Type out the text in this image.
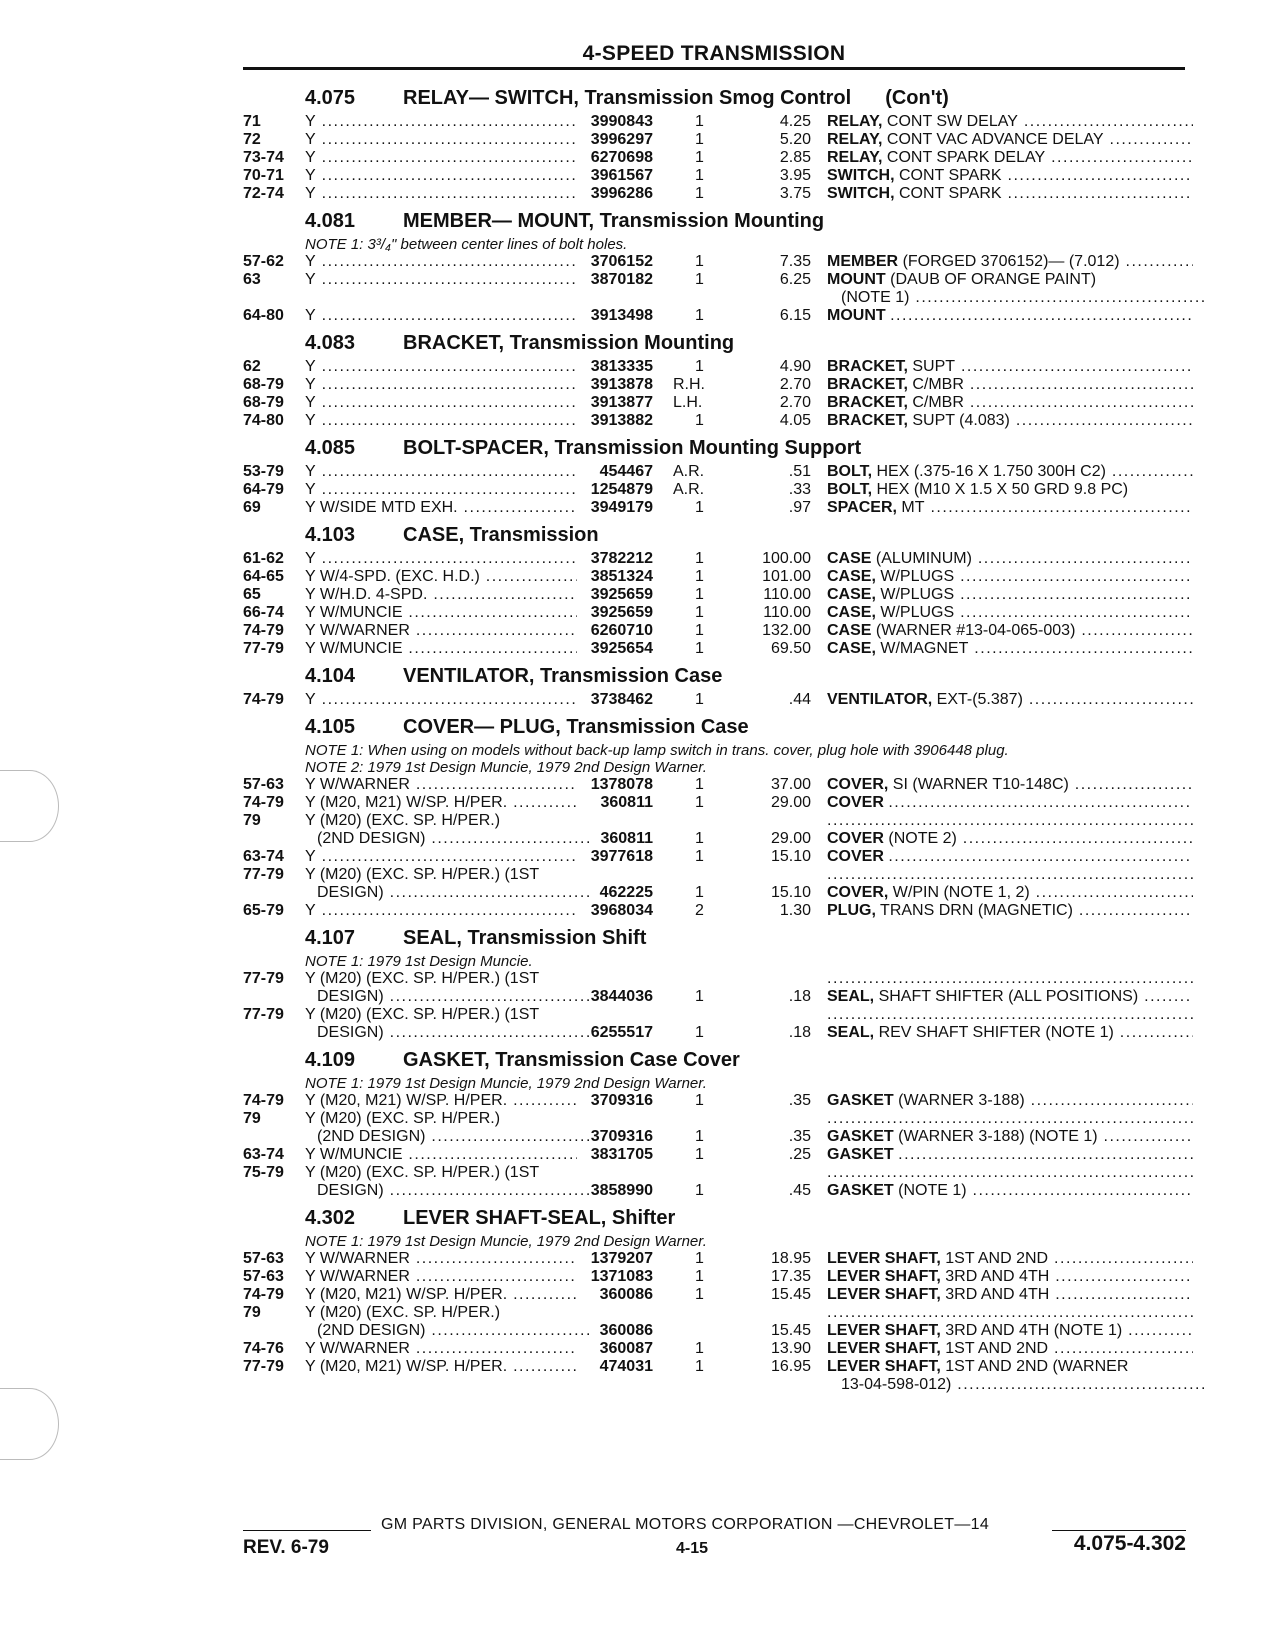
4-SPEED TRANSMISSION
4.075	RELAY— SWITCH, Transmission Smog Control (Con't)
71	Y .....	3990843	1	4.25 RELAY, CONT SW DELAY .....
72	Y .....	3996297	1	5.20 RELAY, CONT VAC ADVANCE DELAY .....
73-74	Y .....	6270698	1	2.85 RELAY, CONT SPARK DELAY .....
70-71	Y .....	3961567	1	3.95 SWITCH, CONT SPARK .....
72-74	Y .....	3996286	1	3.75 SWITCH, CONT SPARK .....
4.081	MEMBER— MOUNT, Transmission Mounting
NOTE 1: 3³/₄" between center lines of bolt holes.
57-62	Y .....	3706152	1	7.35 MEMBER (FORGED 3706152)— (7.012) .....
63	Y .....	3870182	1	6.25 MOUNT (DAUB OF ORANGE PAINT)
(NOTE 1) .....
64-80	Y .....	3913498	1	6.15 MOUNT .....
4.083	BRACKET, Transmission Mounting
62	Y .....	3813335	1	4.90 BRACKET, SUPT .....
68-79	Y .....	3913878 R.H.	2.70 BRACKET, C/MBR .....
68-79	Y .....	3913877 L.H.	2.70 BRACKET, C/MBR .....
74-80	Y .....	3913882	1	4.05 BRACKET, SUPT (4.083) .....
4.085	BOLT-SPACER, Transmission Mounting Support
53-79	Y .....	454467 A.R.	.51 BOLT, HEX (.375-16 X 1.750 300H C2) .....
64-79	Y .....	1254879 A.R.	.33 BOLT, HEX (M10 X 1.5 X 50 GRD 9.8 PC)
69	Y W/SIDE MTD EXH. .....	3949179	1	.97 SPACER, MT .....
4.103	CASE, Transmission
61-62	Y .....	3782212	1	100.00 CASE (ALUMINUM) .....
64-65	Y W/4-SPD. (EXC. H.D.) .....	3851324	1	101.00 CASE, W/PLUGS .....
65	Y W/H.D. 4-SPD. .....	3925659	1	110.00 CASE, W/PLUGS .....
66-74	Y W/MUNCIE .....	3925659	1	110.00 CASE, W/PLUGS .....
74-79	Y W/WARNER .....	6260710	1	132.00 CASE (WARNER #13-04-065-003) .....
77-79	Y W/MUNCIE .....	3925654	1	69.50 CASE, W/MAGNET .....
4.104	VENTILATOR, Transmission Case
74-79	Y .....	3738462	1	.44 VENTILATOR, EXT-(5.387) .....
4.105	COVER— PLUG, Transmission Case
NOTE 1: When using on models without back-up lamp switch in trans. cover, plug hole with 3906448 plug.
NOTE 2: 1979 1st Design Muncie, 1979 2nd Design Warner.
57-63	Y W/WARNER .....	1378078	1	37.00 COVER, SI (WARNER T10-148C) .....
74-79	Y (M20, M21) W/SP. H/PER. .....	360811	1	29.00 COVER .....
79	Y (M20) (EXC. SP. H/PER.)
.....
(2ND DESIGN) .....	360811	1	29.00 COVER (NOTE 2) .....
63-74	Y .....	3977618	1	15.10 COVER .....
77-79	Y (M20) (EXC. SP. H/PER.) (1ST
.....
DESIGN) .....	462225	1	15.10 COVER, W/PIN (NOTE 1, 2) .....
65-79	Y .....	3968034	2	1.30 PLUG, TRANS DRN (MAGNETIC) .....
4.107	SEAL, Transmission Shift
NOTE 1: 1979 1st Design Muncie.
77-79	Y (M20) (EXC. SP. H/PER.) (1ST
.....
DESIGN) .....	3844036	1	.18 SEAL, SHAFT SHIFTER (ALL POSITIONS) .....
77-79	Y (M20) (EXC. SP. H/PER.) (1ST
.....
DESIGN) .....	6255517	1	.18 SEAL, REV SHAFT SHIFTER (NOTE 1) .....
4.109	GASKET, Transmission Case Cover
NOTE 1: 1979 1st Design Muncie, 1979 2nd Design Warner.
74-79	Y (M20, M21) W/SP. H/PER. .....	3709316	1	.35 GASKET (WARNER 3-188) .....
79	Y (M20) (EXC. SP. H/PER.)
.....
(2ND DESIGN) .....	3709316	1	.35 GASKET (WARNER 3-188) (NOTE 1) .....
63-74	Y W/MUNCIE .....	3831705	1	.25 GASKET .....
75-79	Y (M20) (EXC. SP. H/PER.) (1ST
.....
DESIGN) .....	3858990	1	.45 GASKET (NOTE 1) .....
4.302	LEVER SHAFT-SEAL, Shifter
NOTE 1: 1979 1st Design Muncie, 1979 2nd Design Warner.
57-63	Y W/WARNER .....	1379207	1	18.95 LEVER SHAFT, 1ST AND 2ND .....
57-63	Y W/WARNER .....	1371083	1	17.35 LEVER SHAFT, 3RD AND 4TH .....
74-79	Y (M20, M21) W/SP. H/PER. .....	360086	1	15.45 LEVER SHAFT, 3RD AND 4TH .....
79	Y (M20) (EXC. SP. H/PER.)
.....
(2ND DESIGN) .....	360086	15.45 LEVER SHAFT, 3RD AND 4TH (NOTE 1) .....
74-76	Y W/WARNER .....	360087	1	13.90 LEVER SHAFT, 1ST AND 2ND .....
77-79	Y (M20, M21) W/SP. H/PER. .....	474031	1	16.95 LEVER SHAFT, 1ST AND 2ND (WARNER
13-04-598-012) .....
GM PARTS DIVISION, GENERAL MOTORS CORPORATION —CHEVROLET—14
REV. 6-79	4-15	4.075-4.302
